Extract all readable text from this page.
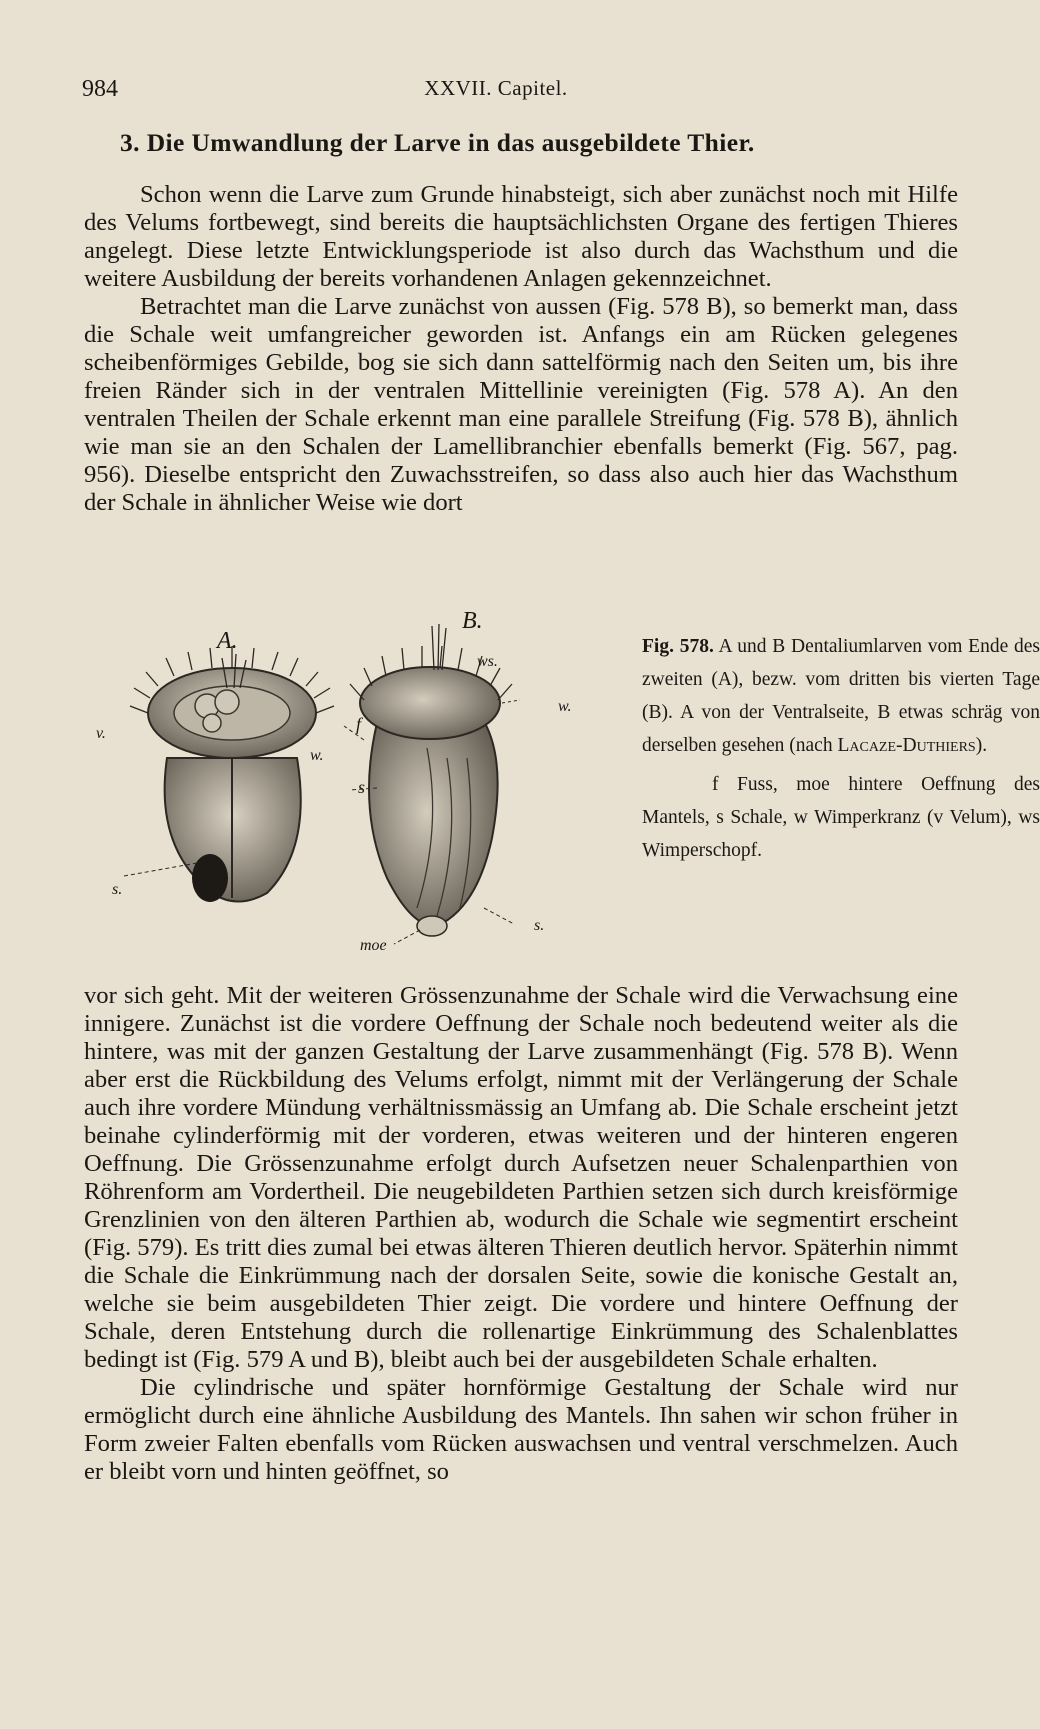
984	XXVII. Capitel.
3. Die Umwandlung der Larve in das ausgebildete Thier.

Schon wenn die Larve zum Grunde hinabsteigt, sich aber zunächst noch mit Hilfe des Velums fortbewegt, sind bereits die hauptsächlichsten Organe des fertigen Thieres angelegt. Diese letzte Entwicklungsperiode ist also durch das Wachsthum und die weitere Ausbildung der bereits vorhandenen Anlagen gekennzeichnet.

Betrachtet man die Larve zunächst von aussen (Fig. 578 B), so bemerkt man, dass die Schale weit umfangreicher geworden ist. Anfangs ein am Rücken gelegenes scheibenförmiges Gebilde, bog sie sich dann sattelförmig nach den Seiten um, bis ihre freien Ränder sich in der ventralen Mittellinie vereinigten (Fig. 578 A). An den ventralen Theilen der Schale erkennt man eine parallele Streifung (Fig. 578 B), ähnlich wie man sie an den Schalen der Lamellibranchier ebenfalls bemerkt (Fig. 567, pag. 956). Dieselbe entspricht den Zuwachsstreifen, so dass also auch hier das Wachsthum der Schale in ähnlicher Weise wie dort

A.
B.
ws.
v.
w.
w.
f
s.
s
s.
moe

Fig. 578. A und B Dentaliumlarven vom Ende des zweiten (A), bezw. vom dritten bis vierten Tage (B). A von der Ventralseite, B etwas schräg von derselben gesehen (nach Lacaze-Duthiers).

f Fuss, moe hintere Oeffnung des Mantels, s Schale, w Wimperkranz (v Velum), ws Wimperschopf.

vor sich geht. Mit der weiteren Grössenzunahme der Schale wird die Verwachsung eine innigere. Zunächst ist die vordere Oeffnung der Schale noch bedeutend weiter als die hintere, was mit der ganzen Gestaltung der Larve zusammenhängt (Fig. 578 B). Wenn aber erst die Rückbildung des Velums erfolgt, nimmt mit der Verlängerung der Schale auch ihre vordere Mündung verhältnissmässig an Umfang ab. Die Schale erscheint jetzt beinahe cylinderförmig mit der vorderen, etwas weiteren und der hinteren engeren Oeffnung. Die Grössenzunahme erfolgt durch Aufsetzen neuer Schalenparthien von Röhrenform am Vordertheil. Die neugebildeten Parthien setzen sich durch kreisförmige Grenzlinien von den älteren Parthien ab, wodurch die Schale wie segmentirt erscheint (Fig. 579). Es tritt dies zumal bei etwas älteren Thieren deutlich hervor. Späterhin nimmt die Schale die Einkrümmung nach der dorsalen Seite, sowie die konische Gestalt an, welche sie beim ausgebildeten Thier zeigt. Die vordere und hintere Oeffnung der Schale, deren Entstehung durch die rollenartige Einkrümmung des Schalenblattes bedingt ist (Fig. 579 A und B), bleibt auch bei der ausgebildeten Schale erhalten.

Die cylindrische und später hornförmige Gestaltung der Schale wird nur ermöglicht durch eine ähnliche Ausbildung des Mantels. Ihn sahen wir schon früher in Form zweier Falten ebenfalls vom Rücken auswachsen und ventral verschmelzen. Auch er bleibt vorn und hinten geöffnet, so
